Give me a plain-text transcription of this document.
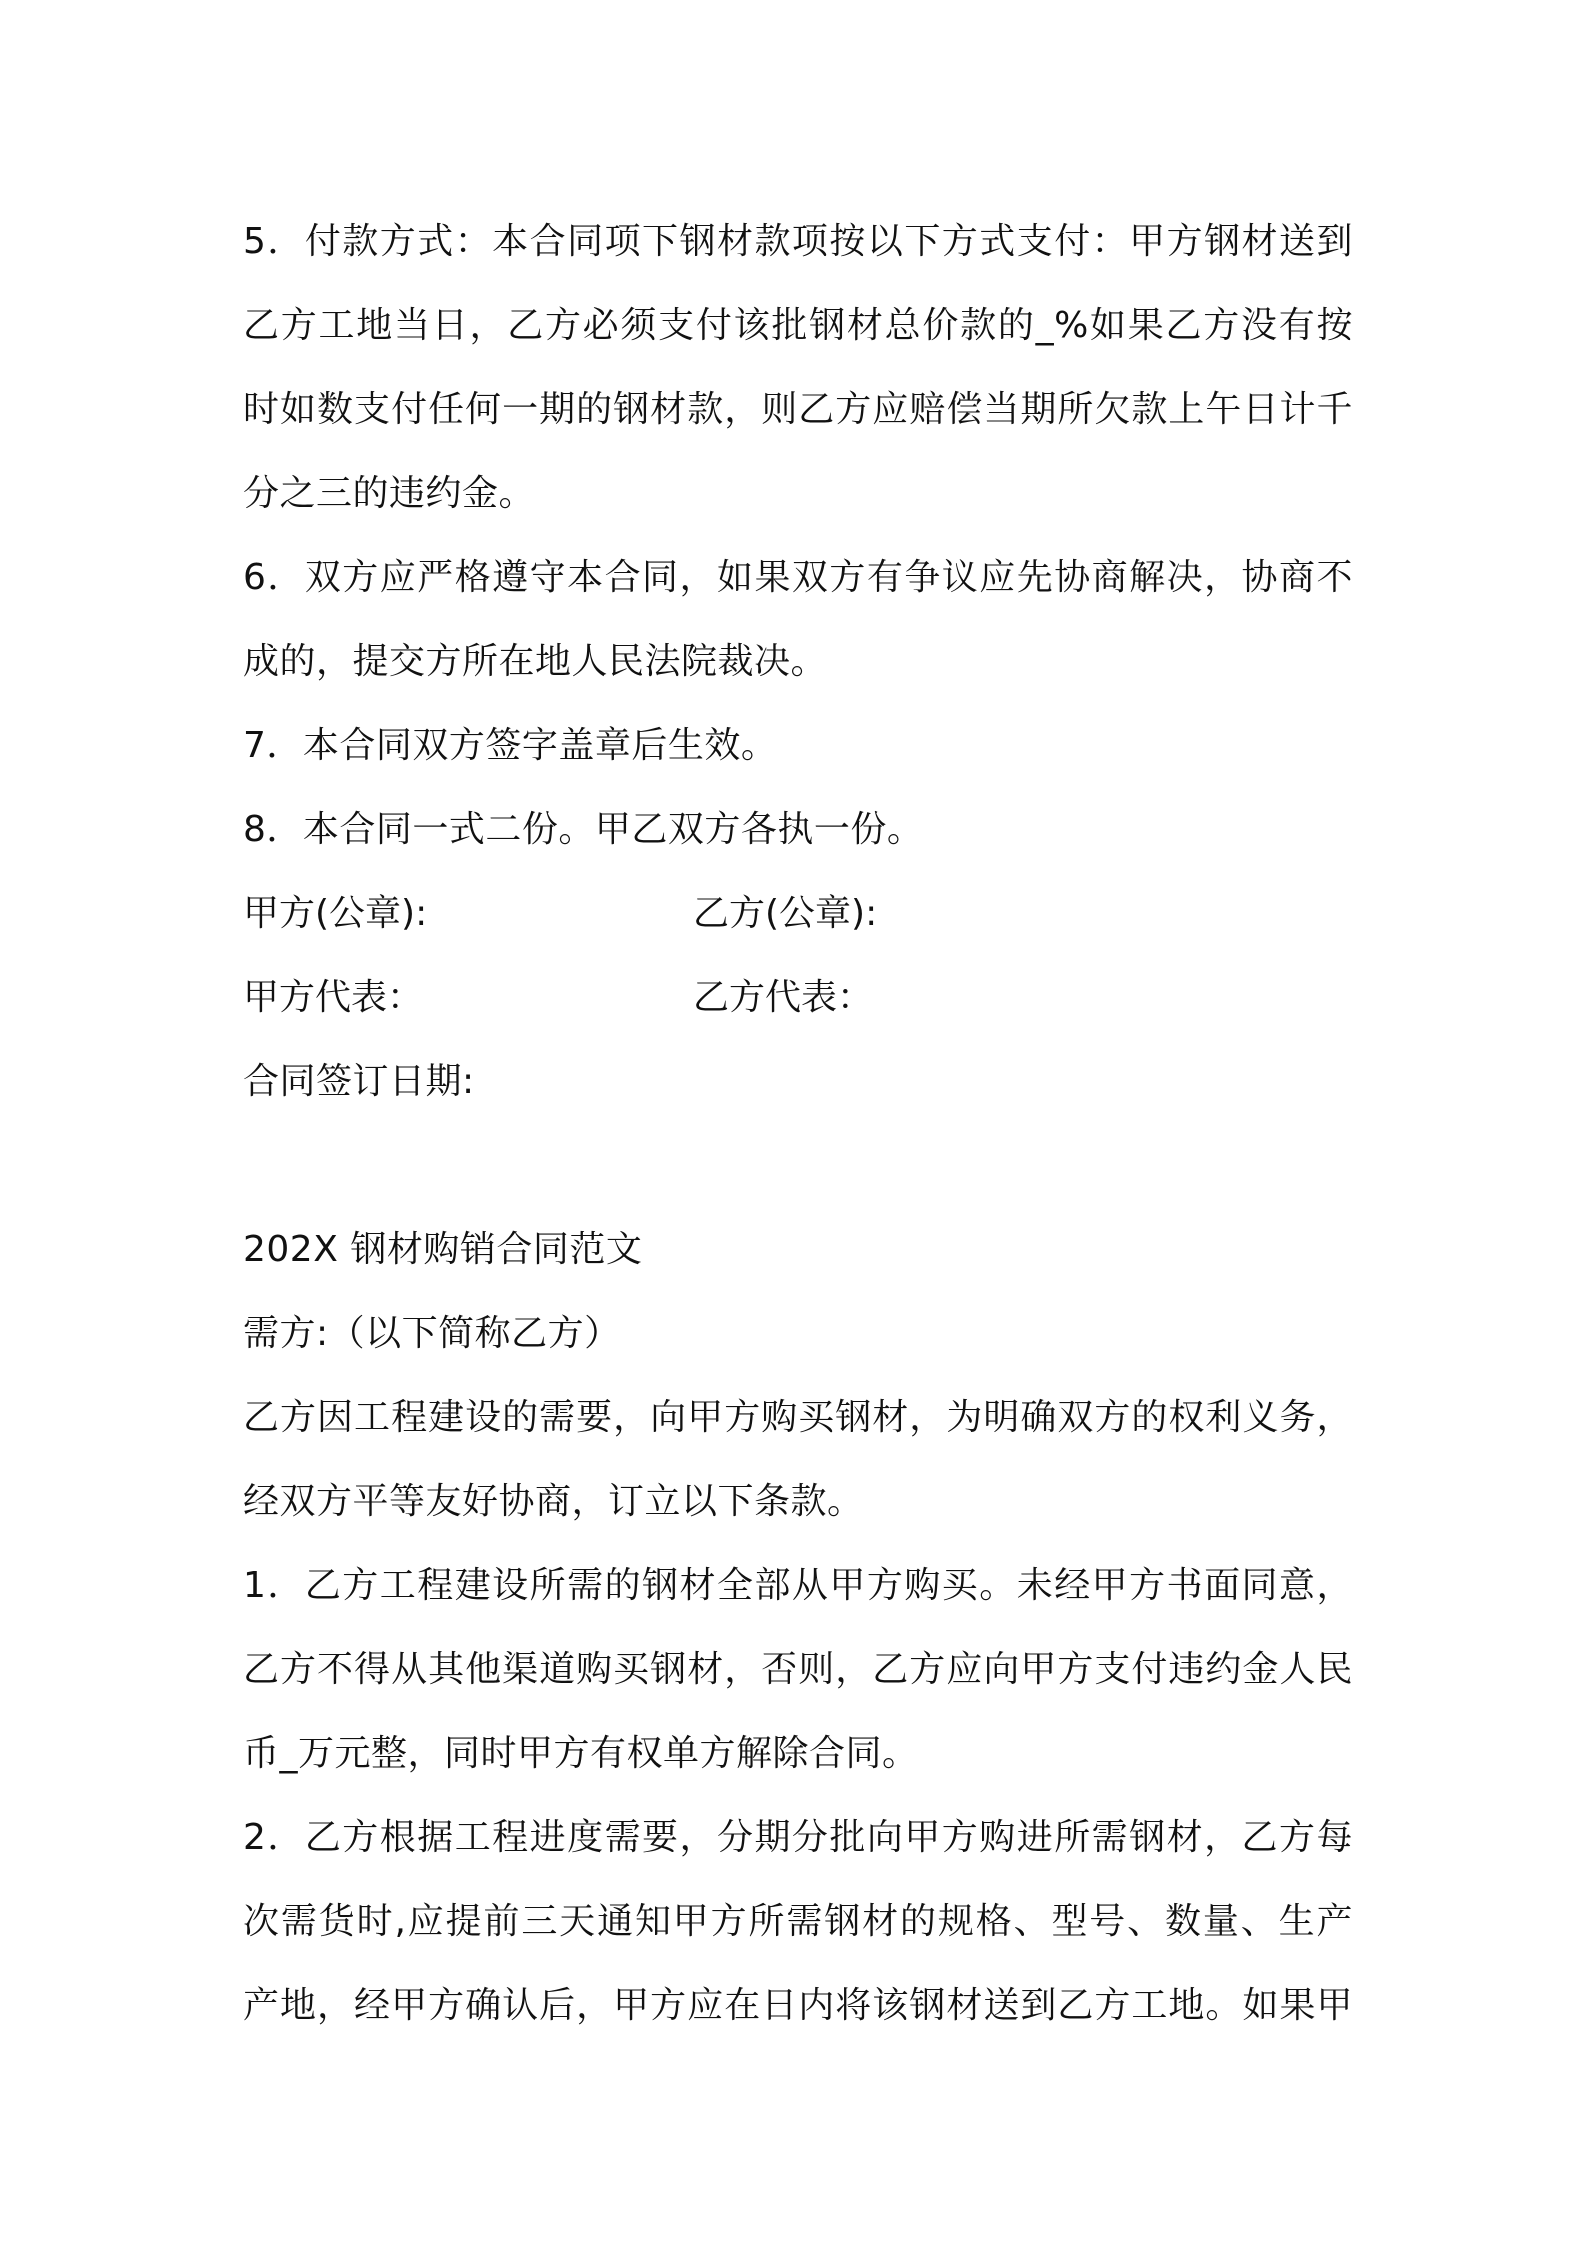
5．付款方式：本合同项下钢材款项按以下方式支付：甲方钢材送到
乙方工地当日，乙方必须支付该批钢材总价款的_%如果乙方没有按
时如数支付任何一期的钢材款，则乙方应赔偿当期所欠款上午日计千
分之三的违约金。
6．双方应严格遵守本合同，如果双方有争议应先协商解决，协商不
成的，提交方所在地人民法院裁决。
7．本合同双方签字盖章后生效。
8．本合同一式二份。甲乙双方各执一份。
甲方(公章):	乙方(公章):
甲方代表：	乙方代表：
合同签订日期:
202X 钢材购销合同范文
需方:（以下简称乙方）
乙方因工程建设的需要，向甲方购买钢材，为明确双方的权利义务，
经双方平等友好协商，订立以下条款。
1．乙方工程建设所需的钢材全部从甲方购买。未经甲方书面同意，
乙方不得从其他渠道购买钢材，否则，乙方应向甲方支付违约金人民
币_万元整，同时甲方有权单方解除合同。
2．乙方根据工程进度需要，分期分批向甲方购进所需钢材，乙方每
次需货时,应提前三天通知甲方所需钢材的规格、型号、数量、生产
产地，经甲方确认后，甲方应在日内将该钢材送到乙方工地。如果甲
